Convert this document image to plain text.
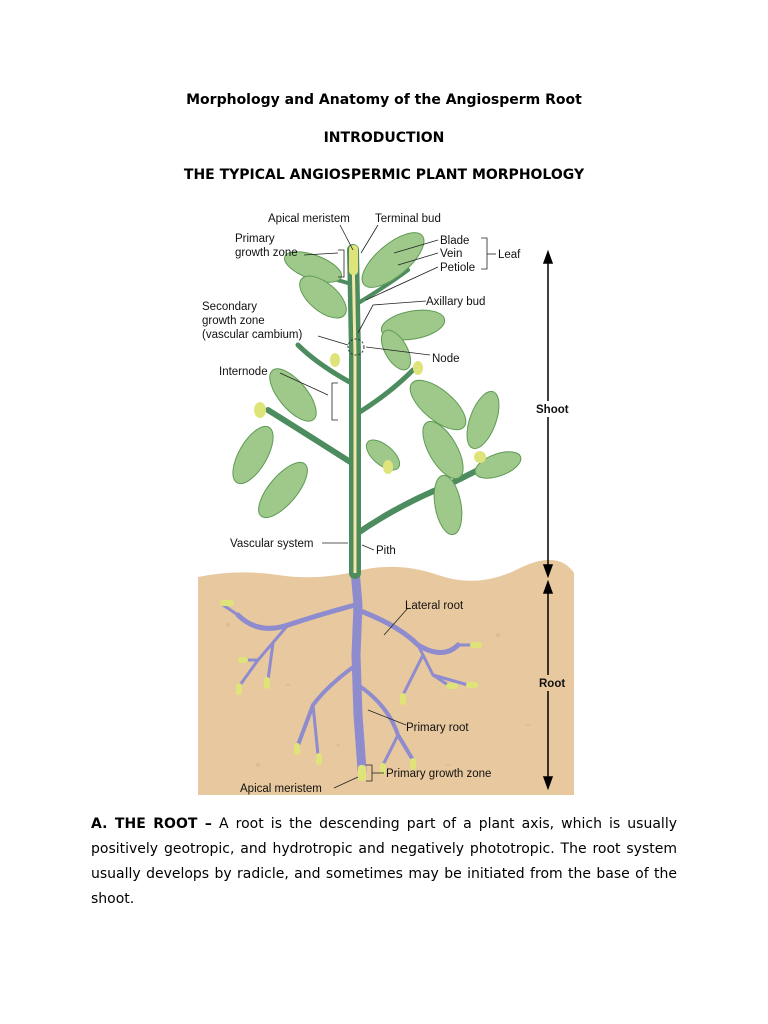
Morphology and Anatomy of the Angiosperm Root
INTRODUCTION
THE TYPICAL ANGIOSPERMIC PLANT MORPHOLOGY
Apical meristem Terminal bud
Primary
growth zone
Blade
Vein
Petiole
Leaf
Secondary
growth zone
(vascular cambium)
Axillary bud
Node
Internode
Shoot
Vascular system
Pith
Lateral root
Root
Primary root
Primary growth zone
Apical meristem
A. THE ROOT – A root is the descending part of a plant axis, which is usually positively geotropic, and hydrotropic and negatively phototropic. The root system usually develops by radicle, and sometimes may be initiated from the base of the shoot.
